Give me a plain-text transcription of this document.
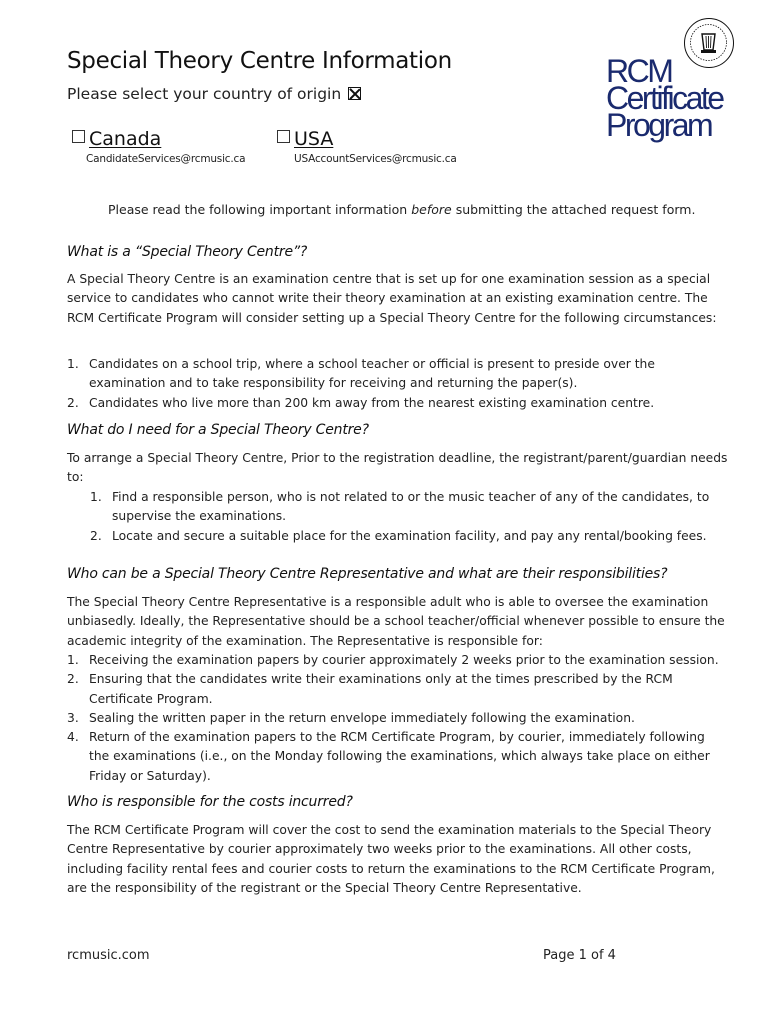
Special Theory Centre Information
Please select your country of origin
Canada
CandidateServices@rcmusic.ca
USA
USAccountServices@rcmusic.ca
RCM
Certificate
Program
Please read the following important information before submitting the attached request form.
What is a “Special Theory Centre”?
A Special Theory Centre is an examination centre that is set up for one examination session as a special
service to candidates who cannot write their theory examination at an existing examination centre. The
RCM Certificate Program will consider setting up a Special Theory Centre for the following circumstances:
1. Candidates on a school trip, where a school teacher or official is present to preside over the
examination and to take responsibility for receiving and returning the paper(s).
2. Candidates who live more than 200 km away from the nearest existing examination centre.
What do I need for a Special Theory Centre?
To arrange a Special Theory Centre, Prior to the registration deadline, the registrant/parent/guardian needs
to:
1. Find a responsible person, who is not related to or the music teacher of any of the candidates, to
supervise the examinations.
2. Locate and secure a suitable place for the examination facility, and pay any rental/booking fees.
Who can be a Special Theory Centre Representative and what are their responsibilities?
The Special Theory Centre Representative is a responsible adult who is able to oversee the examination
unbiasedly. Ideally, the Representative should be a school teacher/official whenever possible to ensure the
academic integrity of the examination. The Representative is responsible for:
1. Receiving the examination papers by courier approximately 2 weeks prior to the examination session.
2. Ensuring that the candidates write their examinations only at the times prescribed by the RCM
Certificate Program.
3. Sealing the written paper in the return envelope immediately following the examination.
4. Return of the examination papers to the RCM Certificate Program, by courier, immediately following
the examinations (i.e., on the Monday following the examinations, which always take place on either
Friday or Saturday).
Who is responsible for the costs incurred?
The RCM Certificate Program will cover the cost to send the examination materials to the Special Theory
Centre Representative by courier approximately two weeks prior to the examinations. All other costs,
including facility rental fees and courier costs to return the examinations to the RCM Certificate Program,
are the responsibility of the registrant or the Special Theory Centre Representative.
rcmusic.com	Page 1 of 4
